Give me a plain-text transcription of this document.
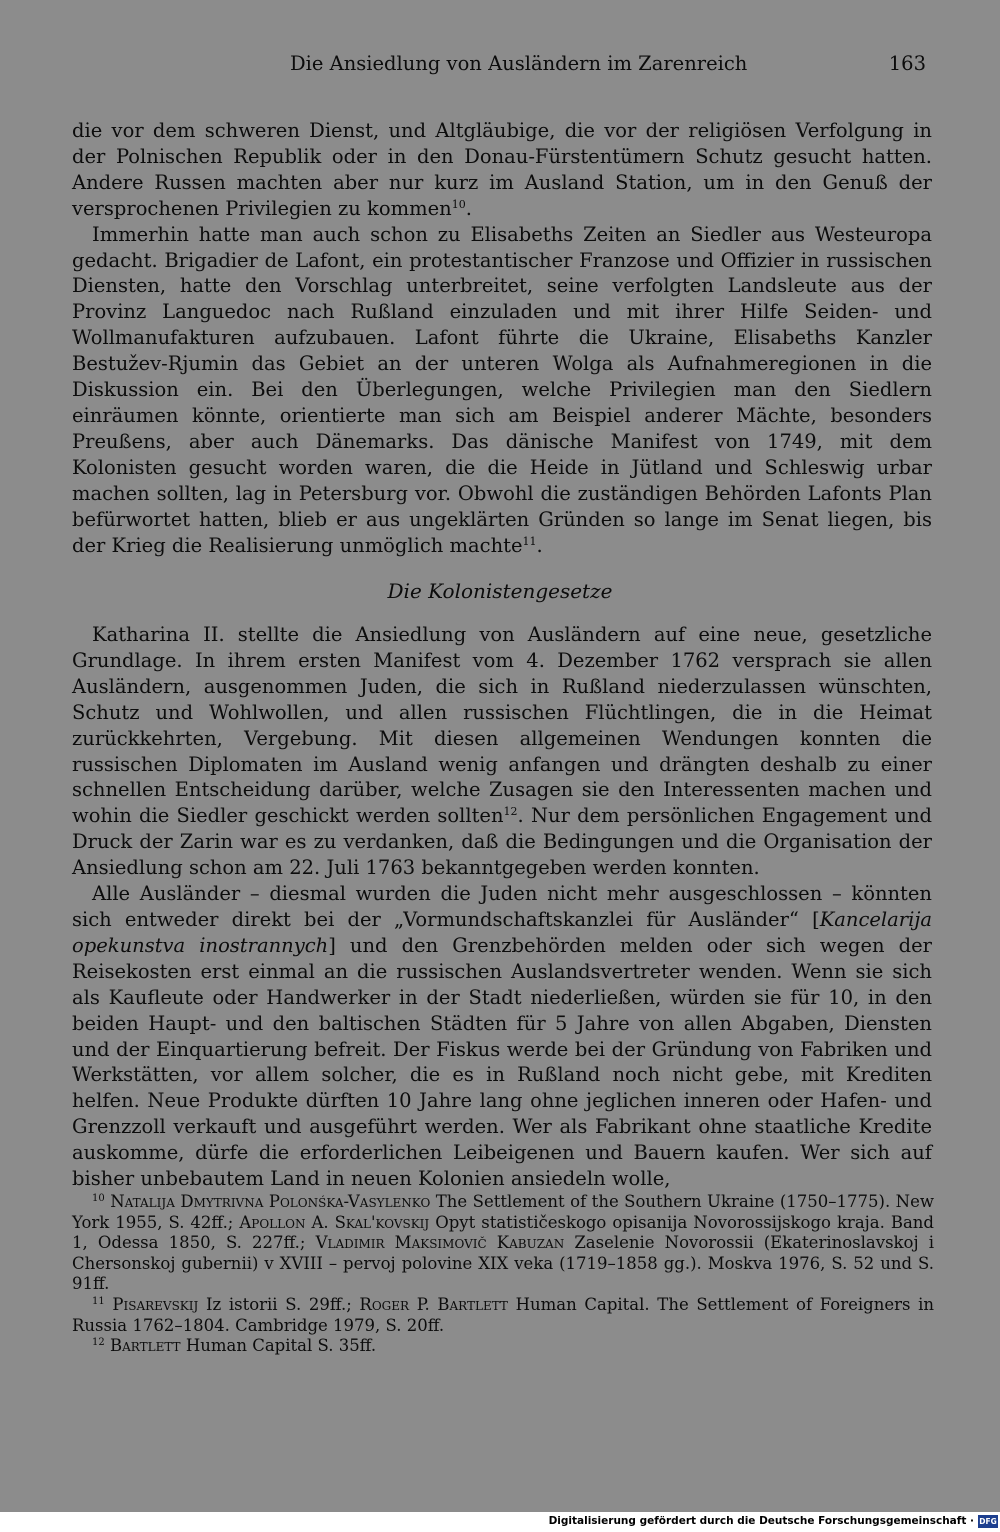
Die Ansiedlung von Ausländern im Zarenreich	163

die vor dem schweren Dienst, und Altgläubige, die vor der religiösen Verfolgung in der Polnischen Republik oder in den Donau-Fürstentümern Schutz gesucht hatten. Andere Russen machten aber nur kurz im Ausland Station, um in den Genuß der versprochenen Privilegien zu kommen$^{10}$.

Immerhin hatte man auch schon zu Elisabeths Zeiten an Siedler aus Westeuropa gedacht. Brigadier de Lafont, ein protestantischer Franzose und Offizier in russischen Diensten, hatte den Vorschlag unterbreitet, seine verfolgten Landsleute aus der Provinz Languedoc nach Rußland einzuladen und mit ihrer Hilfe Seiden- und Wollmanufakturen aufzubauen. Lafont führte die Ukraine, Elisabeths Kanzler Bestužev-Rjumin das Gebiet an der unteren Wolga als Aufnahmeregionen in die Diskussion ein. Bei den Überlegungen, welche Privilegien man den Siedlern einräumen könnte, orientierte man sich am Beispiel anderer Mächte, besonders Preußens, aber auch Dänemarks. Das dänische Manifest von 1749, mit dem Kolonisten gesucht worden waren, die die Heide in Jütland und Schleswig urbar machen sollten, lag in Petersburg vor. Obwohl die zuständigen Behörden Lafonts Plan befürwortet hatten, blieb er aus ungeklärten Gründen so lange im Senat liegen, bis der Krieg die Realisierung unmöglich machte$^{11}$.

Die Kolonistengesetze

Katharina II. stellte die Ansiedlung von Ausländern auf eine neue, gesetzliche Grundlage. In ihrem ersten Manifest vom 4. Dezember 1762 versprach sie allen Ausländern, ausgenommen Juden, die sich in Rußland niederzulassen wünschten, Schutz und Wohlwollen, und allen russischen Flüchtlingen, die in die Heimat zurückkehrten, Vergebung. Mit diesen allgemeinen Wendungen konnten die russischen Diplomaten im Ausland wenig anfangen und drängten deshalb zu einer schnellen Entscheidung darüber, welche Zusagen sie den Interessenten machen und wohin die Siedler geschickt werden sollten$^{12}$. Nur dem persönlichen Engagement und Druck der Zarin war es zu verdanken, daß die Bedingungen und die Organisation der Ansiedlung schon am 22. Juli 1763 bekanntgegeben werden konnten.

Alle Ausländer – diesmal wurden die Juden nicht mehr ausgeschlossen – könnten sich entweder direkt bei der „Vormundschaftskanzlei für Ausländer“ [Kancelarija opekunstva inostrannych] und den Grenzbehörden melden oder sich wegen der Reisekosten erst einmal an die russischen Auslandsvertreter wenden. Wenn sie sich als Kaufleute oder Handwerker in der Stadt niederließen, würden sie für 10, in den beiden Haupt- und den baltischen Städten für 5 Jahre von allen Abgaben, Diensten und der Einquartierung befreit. Der Fiskus werde bei der Gründung von Fabriken und Werkstätten, vor allem solcher, die es in Rußland noch nicht gebe, mit Krediten helfen. Neue Produkte dürften 10 Jahre lang ohne jeglichen inneren oder Hafen- und Grenzzoll verkauft und ausgeführt werden. Wer als Fabrikant ohne staatliche Kredite auskomme, dürfe die erforderlichen Leibeigenen und Bauern kaufen. Wer sich auf bisher unbebautem Land in neuen Kolonien ansiedeln wolle,

$^{10}$ Natalija Dmytrivna Polonśka-Vasylenko The Settlement of the Southern Ukraine (1750–1775). New York 1955, S. 42ff.; Apollon A. Skal'kovskij Opyt statističeskogo opisanija Novorossijskogo kraja. Band 1, Odessa 1850, S. 227ff.; Vladimir Maksimovič Kabuzan Zaselenie Novorossii (Ekaterinoslavskoj i Chersonskoj gubernii) v XVIII – pervoj polovine XIX veka (1719–1858 gg.). Moskva 1976, S. 52 und S. 91ff.

$^{11}$ Pisarevskij Iz istorii S. 29ff.; Roger P. Bartlett Human Capital. The Settlement of Foreigners in Russia 1762–1804. Cambridge 1979, S. 20ff.

$^{12}$ Bartlett Human Capital S. 35ff.

Digitalisierung gefördert durch die Deutsche Forschungsgemeinschaft · DFG
